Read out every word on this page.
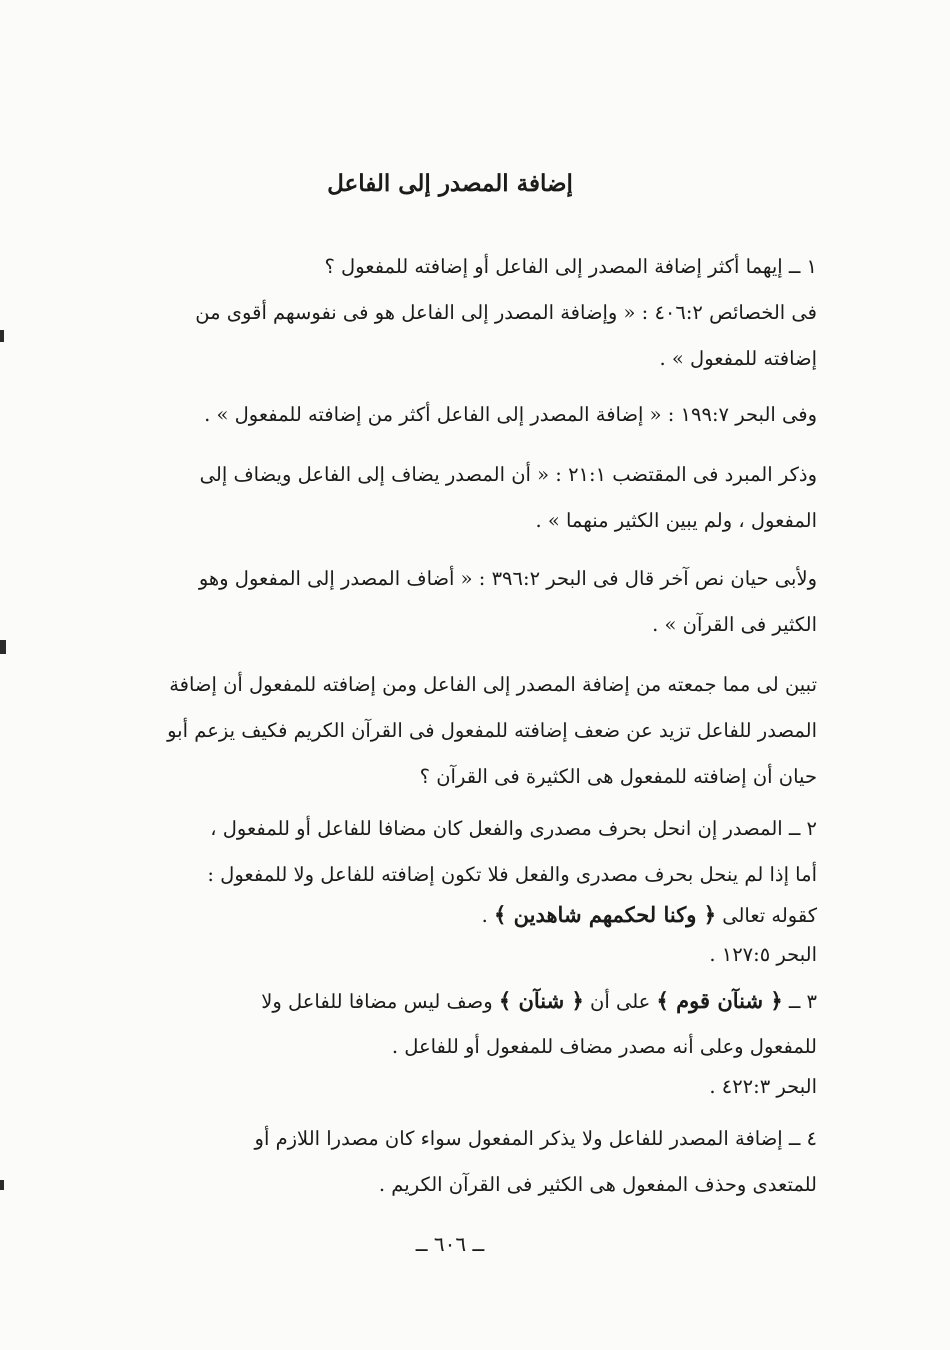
إضافة المصدر إلى الفاعل
١ ــ إيهما أكثر إضافة المصدر إلى الفاعل أو إضافته للمفعول ؟
فى الخصائص ٤٠٦:٢ : « وإضافة المصدر إلى الفاعل هو فى نفوسهم أقوى من
إضافته للمفعول » .
وفى البحر ١٩٩:٧ : « إضافة المصدر إلى الفاعل أكثر من إضافته للمفعول » .
وذكر المبرد فى المقتضب ٢١:١ : « أن المصدر يضاف إلى الفاعل ويضاف إلى
المفعول ، ولم يبين الكثير منهما » .
ولأبى حيان نص آخر قال فى البحر ٣٩٦:٢ : « أضاف المصدر إلى المفعول وهو
الكثير فى القرآن » .
تبين لى مما جمعته من إضافة المصدر إلى الفاعل ومن إضافته للمفعول أن إضافة
المصدر للفاعل تزيد عن ضعف إضافته للمفعول فى القرآن الكريم فكيف يزعم أبو
حيان أن إضافته للمفعول هى الكثيرة فى القرآن ؟
٢ ــ المصدر إن انحل بحرف مصدرى والفعل كان مضافا للفاعل أو للمفعول ،
أما إذا لم ينحل بحرف مصدرى والفعل فلا تكون إضافته للفاعل ولا للمفعول :
كقوله تعالى ﴿ وكنا لحكمهم شاهدين ﴾ .
البحر ١٢٧:٥ .
٣ ــ ﴿ شنآن قوم ﴾ على أن ﴿ شنآن ﴾ وصف ليس مضافا للفاعل ولا
للمفعول وعلى أنه مصدر مضاف للمفعول أو للفاعل .
البحر ٤٢٢:٣ .
٤ ــ إضافة المصدر للفاعل ولا يذكر المفعول سواء كان مصدرا اللازم أو
للمتعدى وحذف المفعول هى الكثير فى القرآن الكريم .
ــ ٦٠٦ ــ
